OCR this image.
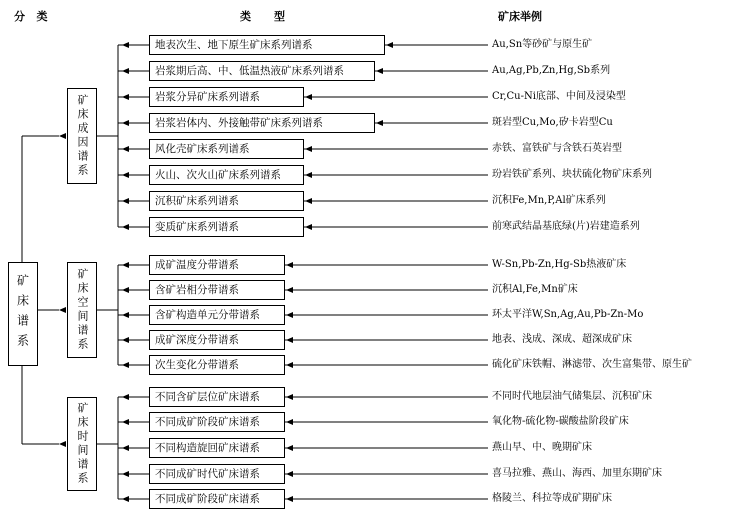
分   类	类      型	矿床举例
矿床谱系
矿床成因谱系
地表次生、地下原生矿床系列谱系	Au,Sn等砂矿与原生矿
岩浆期后高、中、低温热液矿床系列谱系	Au,Ag,Pb,Zn,Hg,Sb系列
岩浆分异矿床系列谱系	Cr,Cu-Ni底部、中间及浸染型
岩浆岩体内、外接触带矿床系列谱系	斑岩型Cu,Mo,矽卡岩型Cu
风化壳矿床系列谱系	赤铁、富铁矿与含铁石英岩型
火山、次火山矿床系列谱系	玢岩铁矿系列、块状硫化物矿床系列
沉积矿床系列谱系	沉积Fe,Mn,P,Al矿床系列
变质矿床系列谱系	前寒武结晶基底绿(片)岩建造系列
矿床空间谱系
成矿温度分带谱系	W-Sn,Pb-Zn,Hg-Sb热液矿床
含矿岩相分带谱系	沉积Al,Fe,Mn矿床
含矿构造单元分带谱系	环太平洋W,Sn,Ag,Au,Pb-Zn-Mo
成矿深度分带谱系	地表、浅成、深成、超深成矿床
次生变化分带谱系	硫化矿床铁帽、淋滤带、次生富集带、原生矿
矿床时间谱系
不同含矿层位矿床谱系	不同时代地层油气储集层、沉积矿床
不同成矿阶段矿床谱系	氧化物-硫化物-碳酸盐阶段矿床
不同构造旋回矿床谱系	燕山早、中、晚期矿床
不同成矿时代矿床谱系	喜马拉雅、燕山、海西、加里东期矿床
不同成矿阶段矿床谱系	格陵兰、科拉等成矿期矿床
